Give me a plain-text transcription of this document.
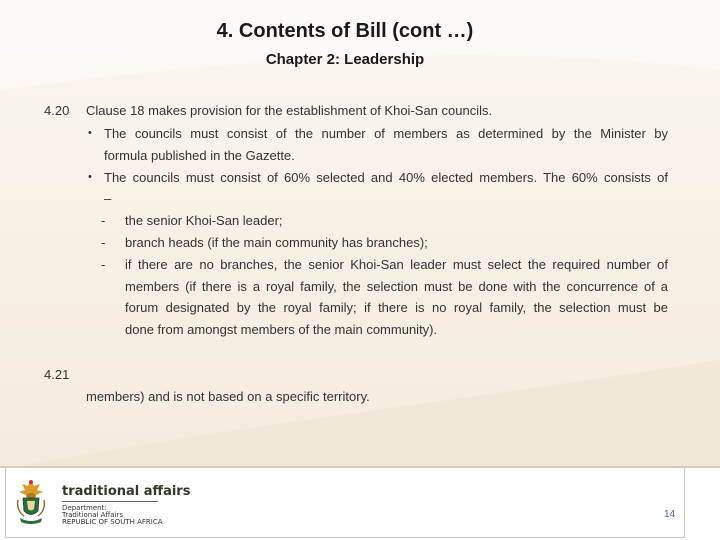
4. Contents of Bill (cont …)
Chapter 2: Leadership
4.20 Clause 18 makes provision for the establishment of Khoi-San councils.
• The councils must consist of the number of members as determined by the Minister by
formula published in the Gazette.
• The councils must consist of 60% selected and 40% elected members. The 60% consists of
–
- the senior Khoi-San leader;
- branch heads (if the main community has branches);
- if there are no branches, the senior Khoi-San leader must select the required number of
members (if there is a royal family, the selection must be done with the concurrence of a
forum designated by the royal family; if there is no royal family, the selection must be
done from amongst members of the main community).
4.21
members) and is not based on a specific territory.
traditional affairs
Department:
Traditional Affairs
REPUBLIC OF SOUTH AFRICA
14
